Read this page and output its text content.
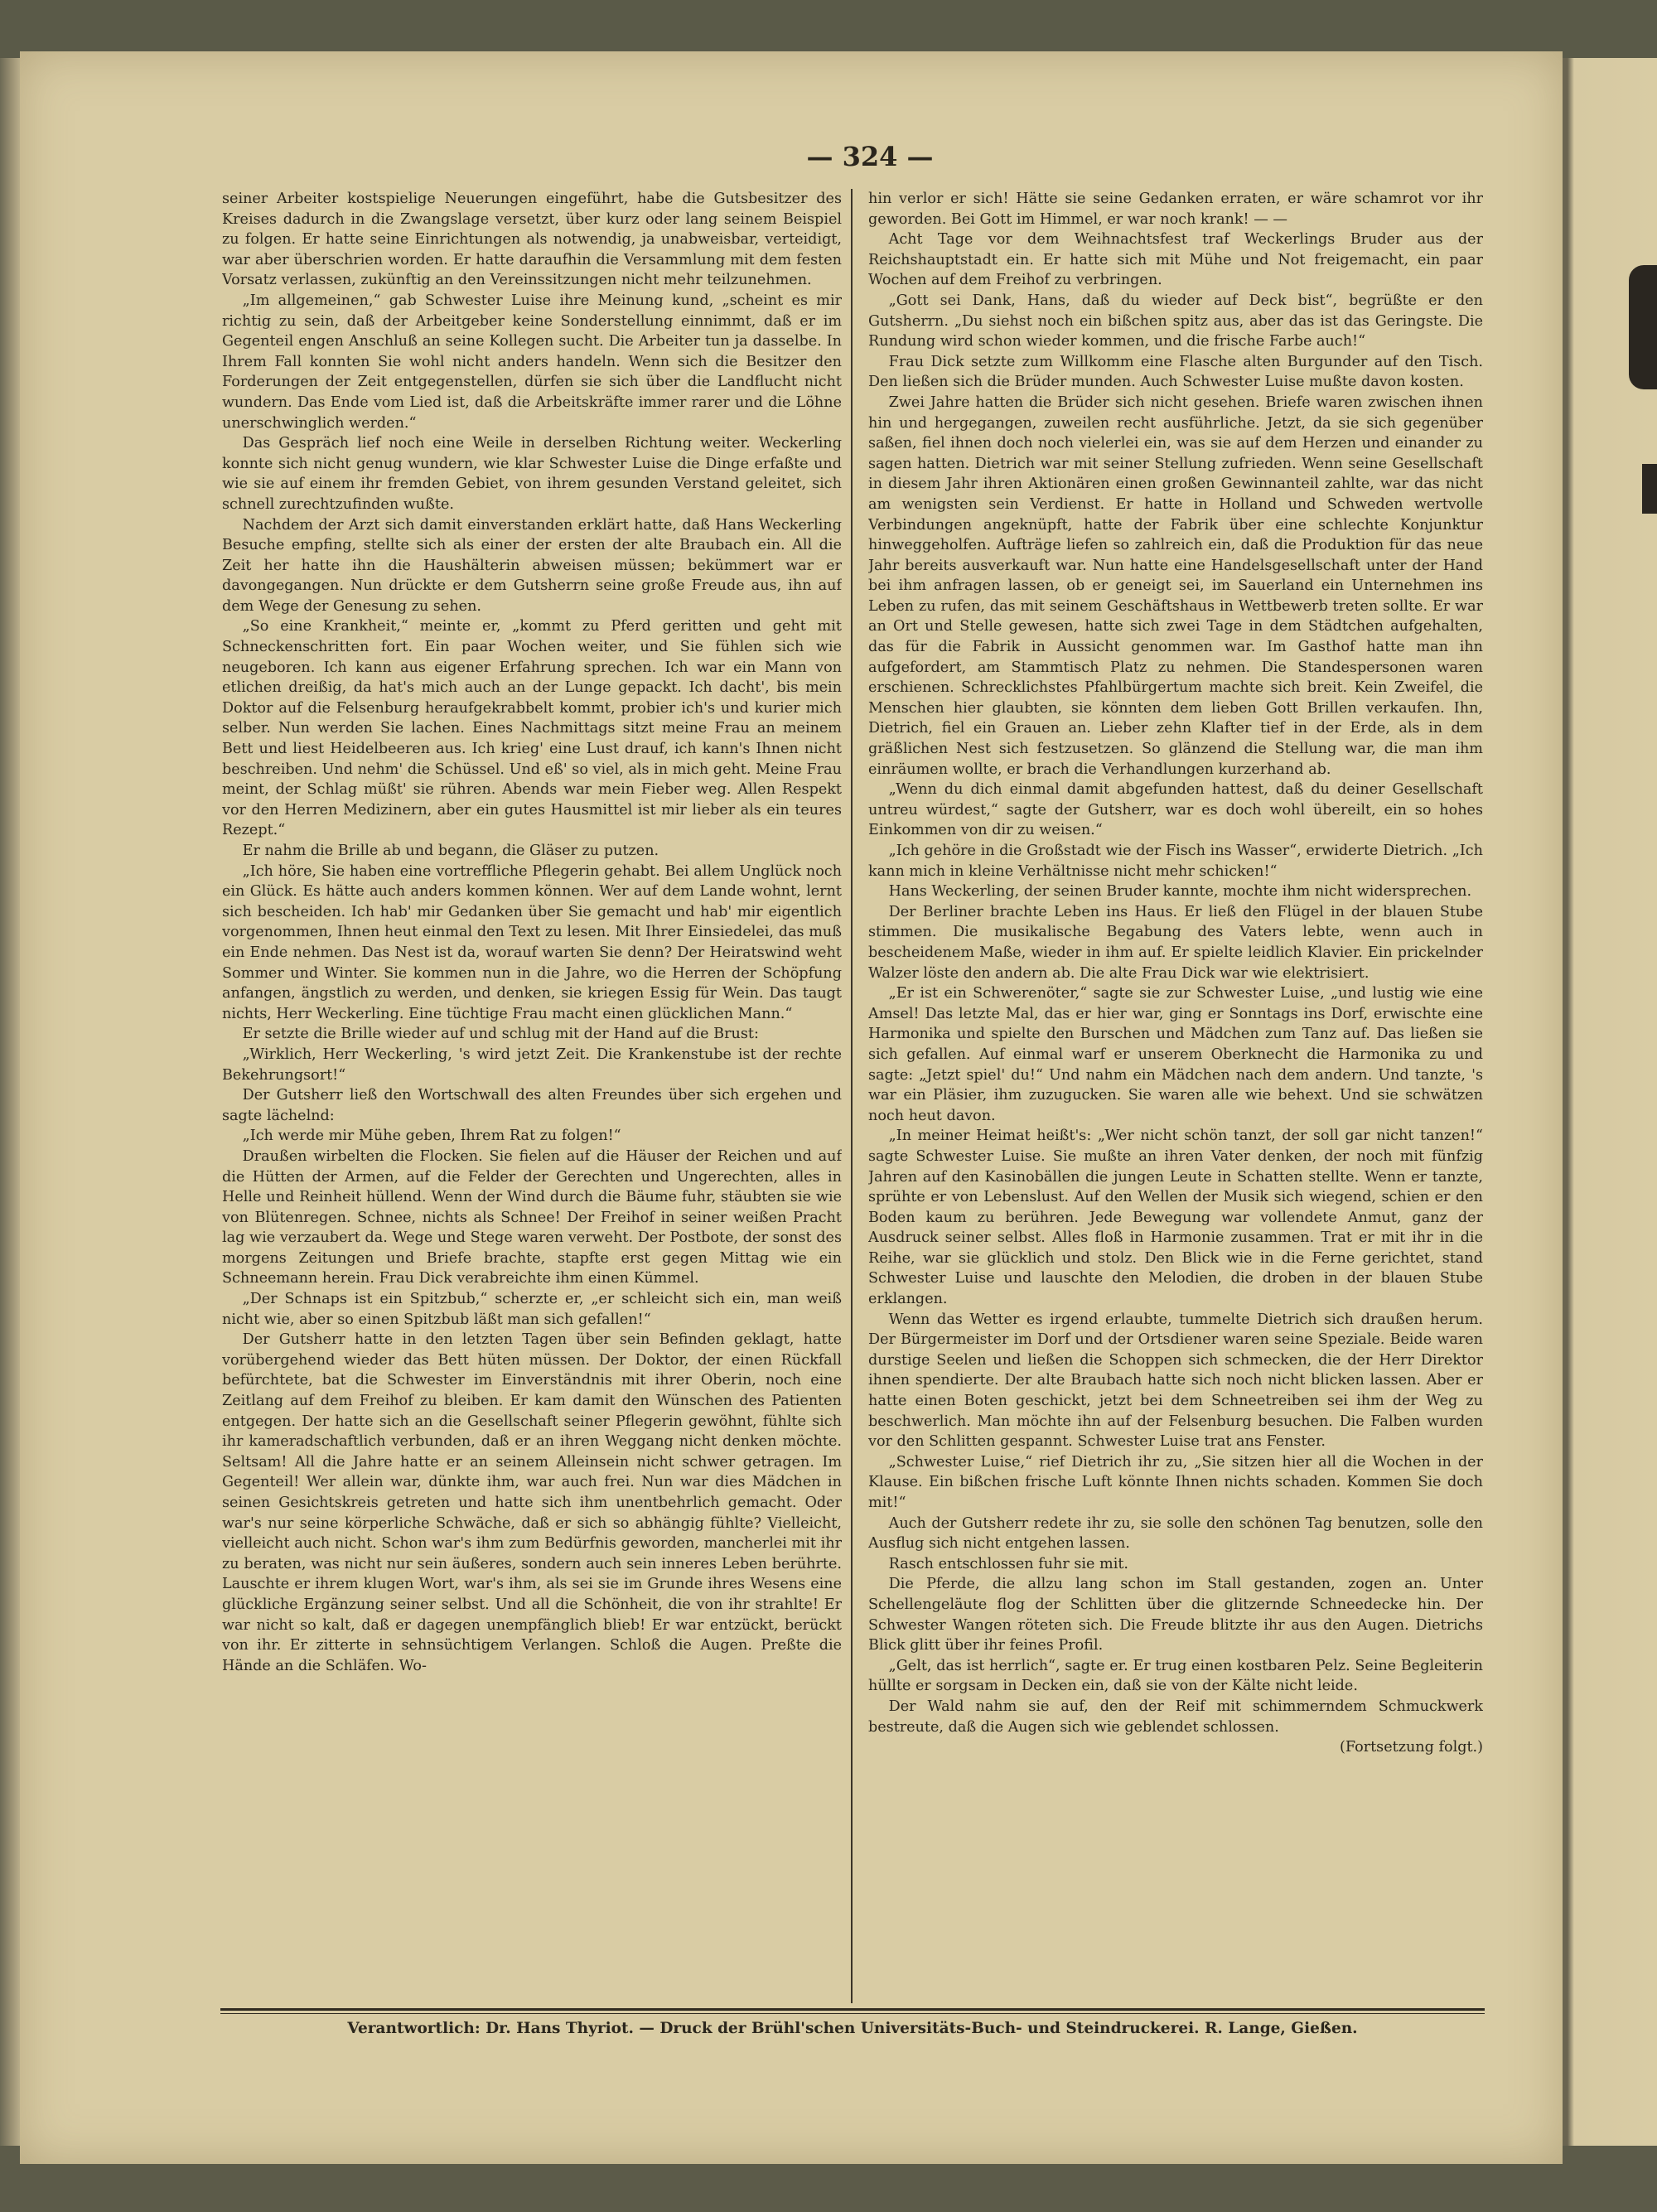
— 324 —

seiner Arbeiter kostspielige Neuerungen eingeführt, habe die Gutsbesitzer des Kreises dadurch in die Zwangslage versetzt, über kurz oder lang seinem Beispiel zu folgen. Er hatte seine Einrichtungen als notwendig, ja unabweisbar, verteidigt, war aber überschrien worden. Er hatte daraufhin die Versammlung mit dem festen Vorsatz verlassen, zukünftig an den Vereinssitzungen nicht mehr teilzunehmen.

„Im allgemeinen,“ gab Schwester Luise ihre Meinung kund, „scheint es mir richtig zu sein, daß der Arbeitgeber keine Sonderstellung einnimmt, daß er im Gegenteil engen Anschluß an seine Kollegen sucht. Die Arbeiter tun ja dasselbe. In Ihrem Fall konnten Sie wohl nicht anders handeln. Wenn sich die Besitzer den Forderungen der Zeit entgegenstellen, dürfen sie sich über die Landflucht nicht wundern. Das Ende vom Lied ist, daß die Arbeitskräfte immer rarer und die Löhne unerschwinglich werden.“

Das Gespräch lief noch eine Weile in derselben Richtung weiter. Weckerling konnte sich nicht genug wundern, wie klar Schwester Luise die Dinge erfaßte und wie sie auf einem ihr fremden Gebiet, von ihrem gesunden Verstand geleitet, sich schnell zurechtzufinden wußte.

Nachdem der Arzt sich damit einverstanden erklärt hatte, daß Hans Weckerling Besuche empfing, stellte sich als einer der ersten der alte Braubach ein. All die Zeit her hatte ihn die Haushälterin abweisen müssen; bekümmert war er davongegangen. Nun drückte er dem Gutsherrn seine große Freude aus, ihn auf dem Wege der Genesung zu sehen.

„So eine Krankheit,“ meinte er, „kommt zu Pferd geritten und geht mit Schneckenschritten fort. Ein paar Wochen weiter, und Sie fühlen sich wie neugeboren. Ich kann aus eigener Erfahrung sprechen. Ich war ein Mann von etlichen dreißig, da hat's mich auch an der Lunge gepackt. Ich dacht', bis mein Doktor auf die Felsenburg heraufgekrabbelt kommt, probier ich's und kurier mich selber. Nun werden Sie lachen. Eines Nachmittags sitzt meine Frau an meinem Bett und liest Heidelbeeren aus. Ich krieg' eine Lust drauf, ich kann's Ihnen nicht beschreiben. Und nehm' die Schüssel. Und eß' so viel, als in mich geht. Meine Frau meint, der Schlag müßt' sie rühren. Abends war mein Fieber weg. Allen Respekt vor den Herren Medizinern, aber ein gutes Hausmittel ist mir lieber als ein teures Rezept.“

Er nahm die Brille ab und begann, die Gläser zu putzen.

„Ich höre, Sie haben eine vortreffliche Pflegerin gehabt. Bei allem Unglück noch ein Glück. Es hätte auch anders kommen können. Wer auf dem Lande wohnt, lernt sich bescheiden. Ich hab' mir Gedanken über Sie gemacht und hab' mir eigentlich vorgenommen, Ihnen heut einmal den Text zu lesen. Mit Ihrer Einsiedelei, das muß ein Ende nehmen. Das Nest ist da, worauf warten Sie denn? Der Heiratswind weht Sommer und Winter. Sie kommen nun in die Jahre, wo die Herren der Schöpfung anfangen, ängstlich zu werden, und denken, sie kriegen Essig für Wein. Das taugt nichts, Herr Weckerling. Eine tüchtige Frau macht einen glücklichen Mann.“

Er setzte die Brille wieder auf und schlug mit der Hand auf die Brust:

„Wirklich, Herr Weckerling, 's wird jetzt Zeit. Die Krankenstube ist der rechte Bekehrungsort!“

Der Gutsherr ließ den Wortschwall des alten Freundes über sich ergehen und sagte lächelnd:

„Ich werde mir Mühe geben, Ihrem Rat zu folgen!“

Draußen wirbelten die Flocken. Sie fielen auf die Häuser der Reichen und auf die Hütten der Armen, auf die Felder der Gerechten und Ungerechten, alles in Helle und Reinheit hüllend. Wenn der Wind durch die Bäume fuhr, stäubten sie wie von Blütenregen. Schnee, nichts als Schnee! Der Freihof in seiner weißen Pracht lag wie verzaubert da. Wege und Stege waren verweht. Der Postbote, der sonst des morgens Zeitungen und Briefe brachte, stapfte erst gegen Mittag wie ein Schneemann herein. Frau Dick verabreichte ihm einen Kümmel.

„Der Schnaps ist ein Spitzbub,“ scherzte er, „er schleicht sich ein, man weiß nicht wie, aber so einen Spitzbub läßt man sich gefallen!“

Der Gutsherr hatte in den letzten Tagen über sein Befinden geklagt, hatte vorübergehend wieder das Bett hüten müssen. Der Doktor, der einen Rückfall befürchtete, bat die Schwester im Einverständnis mit ihrer Oberin, noch eine Zeitlang auf dem Freihof zu bleiben. Er kam damit den Wünschen des Patienten entgegen. Der hatte sich an die Gesellschaft seiner Pflegerin gewöhnt, fühlte sich ihr kameradschaftlich verbunden, daß er an ihren Weggang nicht denken möchte. Seltsam! All die Jahre hatte er an seinem Alleinsein nicht schwer getragen. Im Gegenteil! Wer allein war, dünkte ihm, war auch frei. Nun war dies Mädchen in seinen Gesichtskreis getreten und hatte sich ihm unentbehrlich gemacht. Oder war's nur seine körperliche Schwäche, daß er sich so abhängig fühlte? Vielleicht, vielleicht auch nicht. Schon war's ihm zum Bedürfnis geworden, mancherlei mit ihr zu beraten, was nicht nur sein äußeres, sondern auch sein inneres Leben berührte. Lauschte er ihrem klugen Wort, war's ihm, als sei sie im Grunde ihres Wesens eine glückliche Ergänzung seiner selbst. Und all die Schönheit, die von ihr strahlte! Er war nicht so kalt, daß er dagegen unempfänglich blieb! Er war entzückt, berückt von ihr. Er zitterte in sehnsüchtigem Verlangen. Schloß die Augen. Preßte die Hände an die Schläfen. Wo-

hin verlor er sich! Hätte sie seine Gedanken erraten, er wäre schamrot vor ihr geworden. Bei Gott im Himmel, er war noch krank! — —

Acht Tage vor dem Weihnachtsfest traf Weckerlings Bruder aus der Reichshauptstadt ein. Er hatte sich mit Mühe und Not freigemacht, ein paar Wochen auf dem Freihof zu verbringen.

„Gott sei Dank, Hans, daß du wieder auf Deck bist“, begrüßte er den Gutsherrn. „Du siehst noch ein bißchen spitz aus, aber das ist das Geringste. Die Rundung wird schon wieder kommen, und die frische Farbe auch!“

Frau Dick setzte zum Willkomm eine Flasche alten Burgunder auf den Tisch. Den ließen sich die Brüder munden. Auch Schwester Luise mußte davon kosten.

Zwei Jahre hatten die Brüder sich nicht gesehen. Briefe waren zwischen ihnen hin und hergegangen, zuweilen recht ausführliche. Jetzt, da sie sich gegenüber saßen, fiel ihnen doch noch vielerlei ein, was sie auf dem Herzen und einander zu sagen hatten. Dietrich war mit seiner Stellung zufrieden. Wenn seine Gesellschaft in diesem Jahr ihren Aktionären einen großen Gewinnanteil zahlte, war das nicht am wenigsten sein Verdienst. Er hatte in Holland und Schweden wertvolle Verbindungen angeknüpft, hatte der Fabrik über eine schlechte Konjunktur hinweggeholfen. Aufträge liefen so zahlreich ein, daß die Produktion für das neue Jahr bereits ausverkauft war. Nun hatte eine Handelsgesellschaft unter der Hand bei ihm anfragen lassen, ob er geneigt sei, im Sauerland ein Unternehmen ins Leben zu rufen, das mit seinem Geschäftshaus in Wettbewerb treten sollte. Er war an Ort und Stelle gewesen, hatte sich zwei Tage in dem Städtchen aufgehalten, das für die Fabrik in Aussicht genommen war. Im Gasthof hatte man ihn aufgefordert, am Stammtisch Platz zu nehmen. Die Standespersonen waren erschienen. Schrecklichstes Pfahlbürgertum machte sich breit. Kein Zweifel, die Menschen hier glaubten, sie könnten dem lieben Gott Brillen verkaufen. Ihn, Dietrich, fiel ein Grauen an. Lieber zehn Klafter tief in der Erde, als in dem gräßlichen Nest sich festzusetzen. So glänzend die Stellung war, die man ihm einräumen wollte, er brach die Verhandlungen kurzerhand ab.

„Wenn du dich einmal damit abgefunden hattest, daß du deiner Gesellschaft untreu würdest,“ sagte der Gutsherr, war es doch wohl übereilt, ein so hohes Einkommen von dir zu weisen.“

„Ich gehöre in die Großstadt wie der Fisch ins Wasser“, erwiderte Dietrich. „Ich kann mich in kleine Verhältnisse nicht mehr schicken!“

Hans Weckerling, der seinen Bruder kannte, mochte ihm nicht widersprechen.

Der Berliner brachte Leben ins Haus. Er ließ den Flügel in der blauen Stube stimmen. Die musikalische Begabung des Vaters lebte, wenn auch in bescheidenem Maße, wieder in ihm auf. Er spielte leidlich Klavier. Ein prickelnder Walzer löste den andern ab. Die alte Frau Dick war wie elektrisiert.

„Er ist ein Schwerenöter,“ sagte sie zur Schwester Luise, „und lustig wie eine Amsel! Das letzte Mal, das er hier war, ging er Sonntags ins Dorf, erwischte eine Harmonika und spielte den Burschen und Mädchen zum Tanz auf. Das ließen sie sich gefallen. Auf einmal warf er unserem Oberknecht die Harmonika zu und sagte: „Jetzt spiel' du!“ Und nahm ein Mädchen nach dem andern. Und tanzte, 's war ein Pläsier, ihm zuzugucken. Sie waren alle wie behext. Und sie schwätzen noch heut davon.

„In meiner Heimat heißt's: „Wer nicht schön tanzt, der soll gar nicht tanzen!“ sagte Schwester Luise. Sie mußte an ihren Vater denken, der noch mit fünfzig Jahren auf den Kasinobällen die jungen Leute in Schatten stellte. Wenn er tanzte, sprühte er von Lebenslust. Auf den Wellen der Musik sich wiegend, schien er den Boden kaum zu berühren. Jede Bewegung war vollendete Anmut, ganz der Ausdruck seiner selbst. Alles floß in Harmonie zusammen. Trat er mit ihr in die Reihe, war sie glücklich und stolz. Den Blick wie in die Ferne gerichtet, stand Schwester Luise und lauschte den Melodien, die droben in der blauen Stube erklangen.

Wenn das Wetter es irgend erlaubte, tummelte Dietrich sich draußen herum. Der Bürgermeister im Dorf und der Ortsdiener waren seine Speziale. Beide waren durstige Seelen und ließen die Schoppen sich schmecken, die der Herr Direktor ihnen spendierte. Der alte Braubach hatte sich noch nicht blicken lassen. Aber er hatte einen Boten geschickt, jetzt bei dem Schneetreiben sei ihm der Weg zu beschwerlich. Man möchte ihn auf der Felsenburg besuchen. Die Falben wurden vor den Schlitten gespannt. Schwester Luise trat ans Fenster.

„Schwester Luise,“ rief Dietrich ihr zu, „Sie sitzen hier all die Wochen in der Klause. Ein bißchen frische Luft könnte Ihnen nichts schaden. Kommen Sie doch mit!“

Auch der Gutsherr redete ihr zu, sie solle den schönen Tag benutzen, solle den Ausflug sich nicht entgehen lassen.

Rasch entschlossen fuhr sie mit.

Die Pferde, die allzu lang schon im Stall gestanden, zogen an. Unter Schellengeläute flog der Schlitten über die glitzernde Schneedecke hin. Der Schwester Wangen röteten sich. Die Freude blitzte ihr aus den Augen. Dietrichs Blick glitt über ihr feines Profil.

„Gelt, das ist herrlich“, sagte er. Er trug einen kostbaren Pelz. Seine Begleiterin hüllte er sorgsam in Decken ein, daß sie von der Kälte nicht leide.

Der Wald nahm sie auf, den der Reif mit schimmerndem Schmuckwerk bestreute, daß die Augen sich wie geblendet schlossen.

(Fortsetzung folgt.)

Verantwortlich: Dr. Hans Thyriot. — Druck der Brühl'schen Universitäts-Buch- und Steindruckerei. R. Lange, Gießen.
